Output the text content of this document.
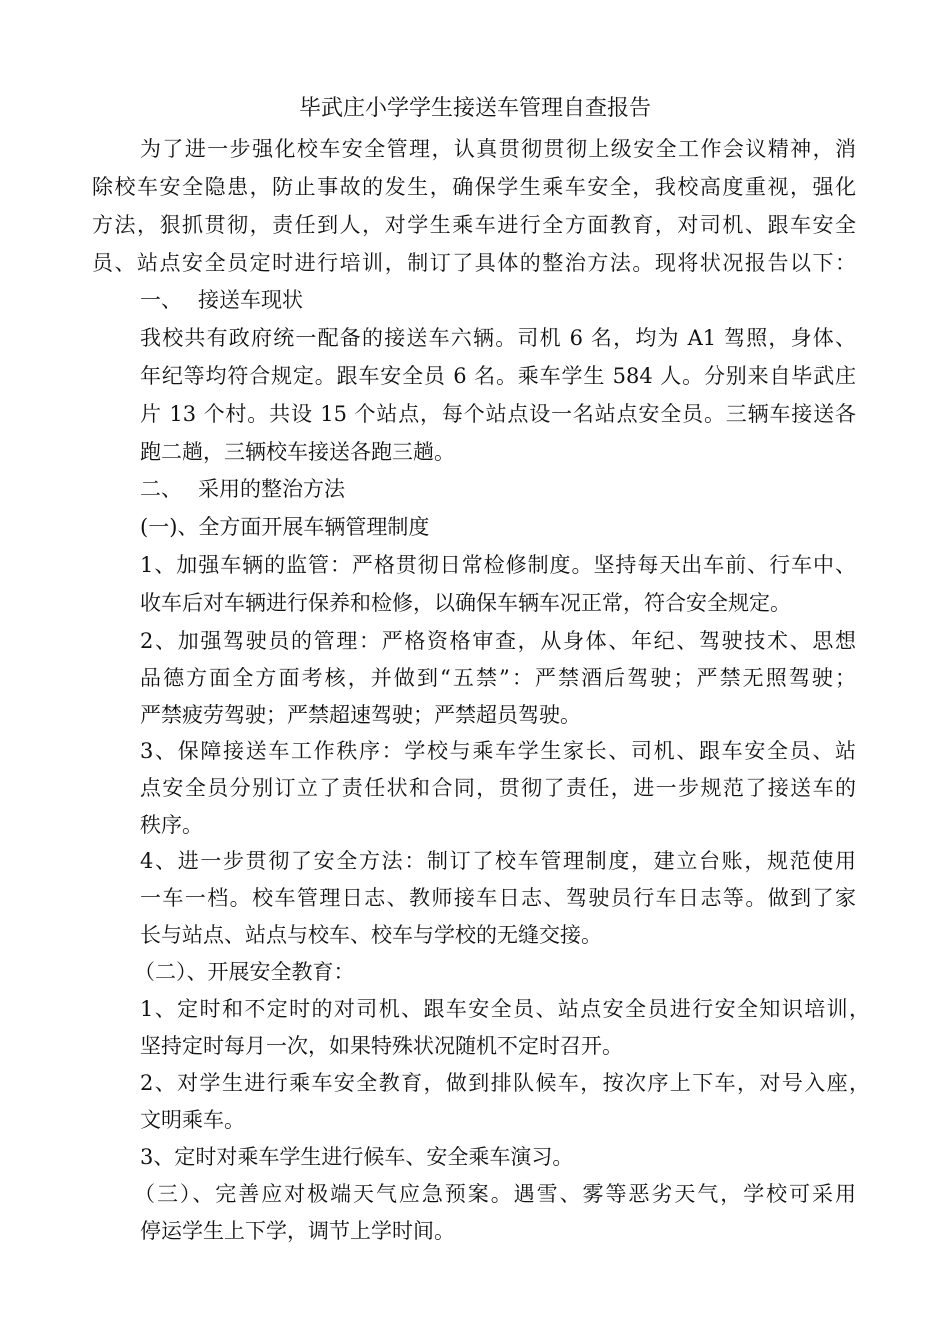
毕武庄小学学生接送车管理自查报告
为了进一步强化校车安全管理，认真贯彻贯彻上级安全工作会议精神，消
除校车安全隐患，防止事故的发生，确保学生乘车安全，我校高度重视，强化
方法，狠抓贯彻，责任到人，对学生乘车进行全方面教育，对司机、跟车安全
员、站点安全员定时进行培训，制订了具体的整治方法。现将状况报告以下：
一、 接送车现状
我校共有政府统一配备的接送车六辆。司机 6 名，均为 A1 驾照，身体、
年纪等均符合规定。跟车安全员 6 名。乘车学生 584 人。分别来自毕武庄
片 13 个村。共设 15 个站点，每个站点设一名站点安全员。三辆车接送各
跑二趟，三辆校车接送各跑三趟。
二、 采用的整治方法
(一)、全方面开展车辆管理制度
1、加强车辆的监管：严格贯彻日常检修制度。坚持每天出车前、行车中、
收车后对车辆进行保养和检修，以确保车辆车况正常，符合安全规定。
2、加强驾驶员的管理：严格资格审查，从身体、年纪、驾驶技术、思想
品德方面全方面考核，并做到“五禁”：严禁酒后驾驶；严禁无照驾驶；
严禁疲劳驾驶；严禁超速驾驶；严禁超员驾驶。
3、保障接送车工作秩序：学校与乘车学生家长、司机、跟车安全员、站
点安全员分别订立了责任状和合同，贯彻了责任，进一步规范了接送车的
秩序。
4、进一步贯彻了安全方法：制订了校车管理制度，建立台账，规范使用
一车一档。校车管理日志、教师接车日志、驾驶员行车日志等。做到了家
长与站点、站点与校车、校车与学校的无缝交接。
（二）、开展安全教育：
1、定时和不定时的对司机、跟车安全员、站点安全员进行安全知识培训，
坚持定时每月一次，如果特殊状况随机不定时召开。
2、对学生进行乘车安全教育，做到排队候车，按次序上下车，对号入座，
文明乘车。
3、定时对乘车学生进行候车、安全乘车演习。
（三）、完善应对极端天气应急预案。遇雪、雾等恶劣天气，学校可采用
停运学生上下学，调节上学时间。
